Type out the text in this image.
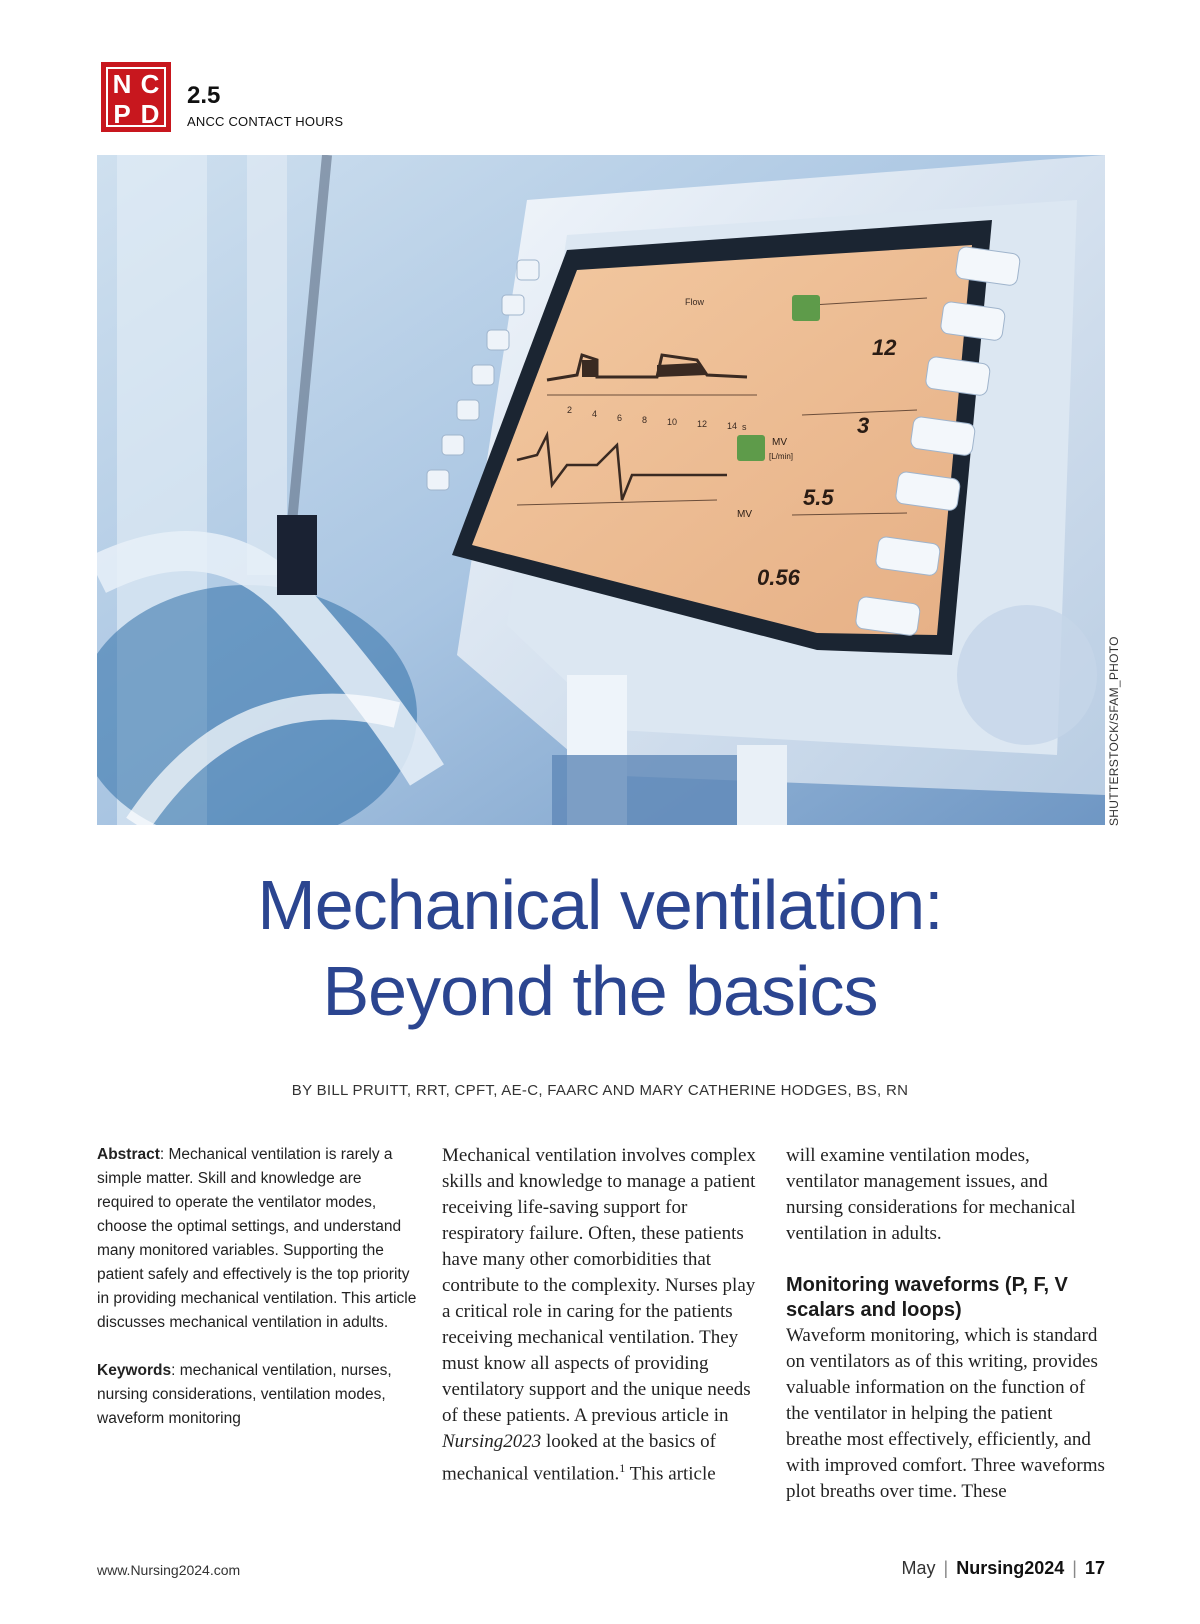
N C
P D
2.5
ANCC CONTACT HOURS
2 4 6 8 10 12 14 s
Flow
12
3
5.5
0.56
MV
[L/min]
MV
SHUTTERSTOCK/SFAM_PHOTO
Mechanical ventilation:
Beyond the basics
BY BILL PRUITT, RRT, CPFT, AE-C, FAARC AND MARY CATHERINE HODGES, BS, RN

Abstract: Mechanical ventilation is rarely a simple matter. Skill and knowledge are required to operate the ventilator modes, choose the optimal settings, and understand many monitored variables. Supporting the patient safely and effectively is the top priority in providing mechanical ventilation. This article discusses mechanical ventilation in adults.

Keywords: mechanical ventilation, nurses, nursing considerations, ventilation modes, waveform monitoring

Mechanical ventilation involves complex skills and knowledge to manage a patient receiving life-saving support for respiratory failure. Often, these patients have many other comorbidities that contribute to the complexity. Nurses play a critical role in caring for the patients receiving mechanical ventilation. They must know all aspects of providing ventilatory support and the unique needs of these patients. A previous article in Nursing2023 looked at the basics of mechanical ventilation.$^1$ This article

will examine ventilation modes, ventilator management issues, and nursing considerations for mechanical ventilation in adults.

Monitoring waveforms (P, F, V scalars and loops)

Waveform monitoring, which is standard on ventilators as of this writing, provides valuable information on the function of the ventilator in helping the patient breathe most effectively, efficiently, and with improved comfort. Three waveforms plot breaths over time. These

www.Nursing2024.com	May | Nursing2024 | 17
